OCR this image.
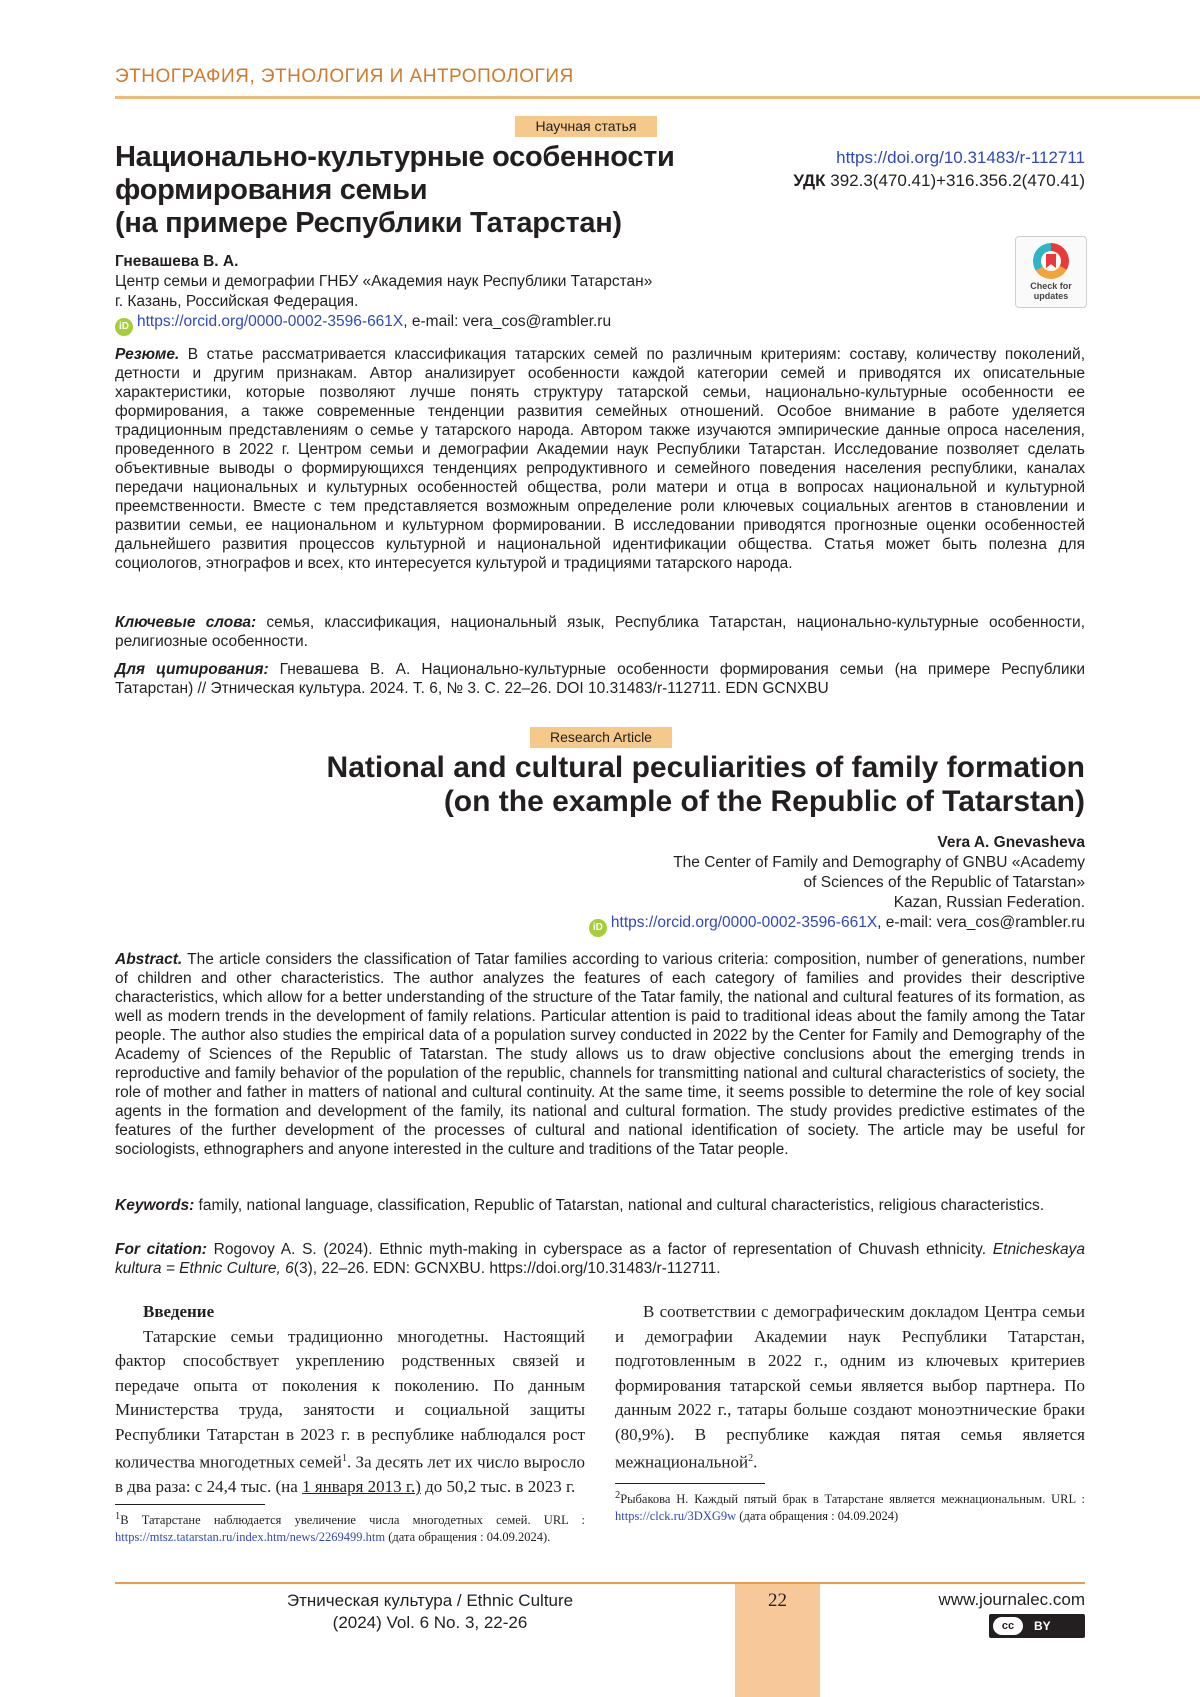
ЭТНОГРАФИЯ, ЭТНОЛОГИЯ И АНТРОПОЛОГИЯ
Научная статья
Национально-культурные особенности
формирования семьи
(на примере Республики Татарстан)
https://doi.org/10.31483/r-112711
УДК 392.3(470.41)+316.356.2(470.41)
Check for
updates
Гневашева В. А.
Центр семьи и демографии ГНБУ «Академия наук Республики Татарстан»
г. Казань, Российская Федерация.
iD https://orcid.org/0000-0002-3596-661X, e-mail: vera_cos@rambler.ru
Резюме. В статье рассматривается классификация татарских семей по различным критериям: составу, количеству поколений, детности и другим признакам. Автор анализирует особенности каждой категории семей и приводятся их описательные характеристики, которые позволяют лучше понять структуру татарской семьи, национально-культурные особенности ее формирования, а также современные тенденции развития семейных отношений. Особое внимание в работе уделяется традиционным представлениям о семье у татарского народа. Автором также изучаются эмпирические данные опроса населения, проведенного в 2022 г. Центром семьи и демографии Академии наук Республики Татарстан. Исследование позволяет сделать объективные выводы о формирующихся тенденциях репродуктивного и семейного поведения населения республики, каналах передачи национальных и культурных особенностей общества, роли матери и отца в вопросах национальной и культурной преемственности. Вместе с тем представляется возможным определение роли ключевых социальных агентов в становлении и развитии семьи, ее национальном и культурном формировании. В исследовании приводятся прогнозные оценки особенностей дальнейшего развития процессов культурной и национальной идентификации общества. Статья может быть полезна для социологов, этнографов и всех, кто интересуется культурой и традициями татарского народа.
Ключевые слова: семья, классификация, национальный язык, Республика Татарстан, национально-культурные особенности, религиозные особенности.
Для цитирования: Гневашева В. А. Национально-культурные особенности формирования семьи (на примере Республики Татарстан) // Этническая культура. 2024. Т. 6, № 3. С. 22–26. DOI 10.31483/r-112711. EDN GCNXBU
Research Article
National and cultural peculiarities of family formation
(on the example of the Republic of Tatarstan)
Vera A. Gnevasheva
The Center of Family and Demography of GNBU «Academy
of Sciences of the Republic of Tatarstan»
Kazan, Russian Federation.
iD https://orcid.org/0000-0002-3596-661X, e-mail: vera_cos@rambler.ru
Abstract. The article considers the classification of Tatar families according to various criteria: composition, number of generations, number of children and other characteristics. The author analyzes the features of each category of families and provides their descriptive characteristics, which allow for a better understanding of the structure of the Tatar family, the national and cultural features of its formation, as well as modern trends in the development of family relations. Particular attention is paid to traditional ideas about the family among the Tatar people. The author also studies the empirical data of a population survey conducted in 2022 by the Center for Family and Demography of the Academy of Sciences of the Republic of Tatarstan. The study allows us to draw objective conclusions about the emerging trends in reproductive and family behavior of the population of the republic, channels for transmitting national and cultural characteristics of society, the role of mother and father in matters of national and cultural continuity. At the same time, it seems possible to determine the role of key social agents in the formation and development of the family, its national and cultural formation. The study provides predictive estimates of the features of the further development of the processes of cultural and national identification of society. The article may be useful for sociologists, ethnographers and anyone interested in the culture and traditions of the Tatar people.
Keywords: family, national language, classification, Republic of Tatarstan, national and cultural characteristics, religious characteristics.
For citation: Rogovoy A. S. (2024). Ethnic myth-making in cyberspace as a factor of representation of Chuvash ethnicity. Etnicheskaya kultura = Ethnic Culture, 6(3), 22–26. EDN: GCNXBU. https://doi.org/10.31483/r-112711.
Введение
Татарские семьи традиционно многодетны. Настоящий фактор способствует укреплению родственных связей и передаче опыта от поколения к поколению. По данным Министерства труда, занятости и социальной защиты Республики Татарстан в 2023 г. в республике наблюдался рост количества многодетных семей$^1$. За десять лет их число выросло в два раза: с 24,4 тыс. (на 1 января 2013 г.) до 50,2 тыс. в 2023 г.
$^1$В Татарстане наблюдается увеличение числа многодетных семей. URL : https://mtsz.tatarstan.ru/index.htm/news/2269499.htm (дата обращения : 04.09.2024).
В соответствии с демографическим докладом Центра семьи и демографии Академии наук Республики Татарстан, подготовленным в 2022 г., одним из ключевых критериев формирования татарской семьи является выбор партнера. По данным 2022 г., татары больше создают моноэтнические браки (80,9%). В республике каждая пятая семья является межнациональной$^2$.
$^2$Рыбакова Н. Каждый пятый брак в Татарстане является межнациональным. URL : https://clck.ru/3DXG9w (дата обращения : 04.09.2024)
22
Этническая культура / Ethnic Culture
(2024) Vol. 6 No. 3, 22-26
www.journalec.com
cc	BY
